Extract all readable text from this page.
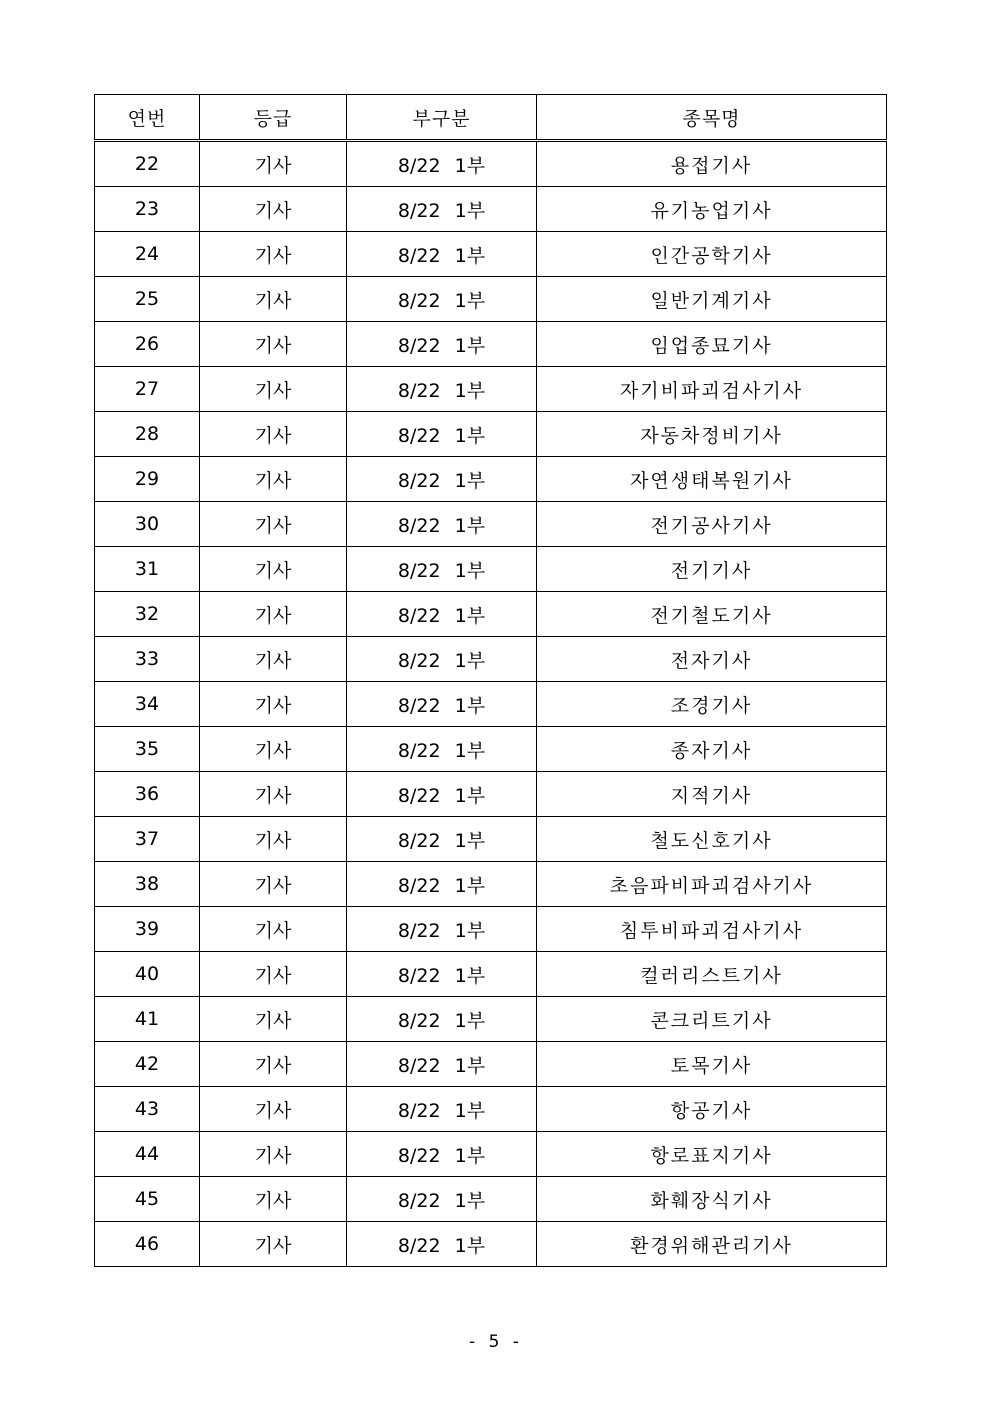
연번	등급	부구분	종목명
22	기사	8/22 1부	용접기사
23	기사	8/22 1부	유기농업기사
24	기사	8/22 1부	인간공학기사
25	기사	8/22 1부	일반기계기사
26	기사	8/22 1부	임업종묘기사
27	기사	8/22 1부	자기비파괴검사기사
28	기사	8/22 1부	자동차정비기사
29	기사	8/22 1부	자연생태복원기사
30	기사	8/22 1부	전기공사기사
31	기사	8/22 1부	전기기사
32	기사	8/22 1부	전기철도기사
33	기사	8/22 1부	전자기사
34	기사	8/22 1부	조경기사
35	기사	8/22 1부	종자기사
36	기사	8/22 1부	지적기사
37	기사	8/22 1부	철도신호기사
38	기사	8/22 1부	초음파비파괴검사기사
39	기사	8/22 1부	침투비파괴검사기사
40	기사	8/22 1부	컬러리스트기사
41	기사	8/22 1부	콘크리트기사
42	기사	8/22 1부	토목기사
43	기사	8/22 1부	항공기사
44	기사	8/22 1부	항로표지기사
45	기사	8/22 1부	화훼장식기사
46	기사	8/22 1부	환경위해관리기사
- 5 -
